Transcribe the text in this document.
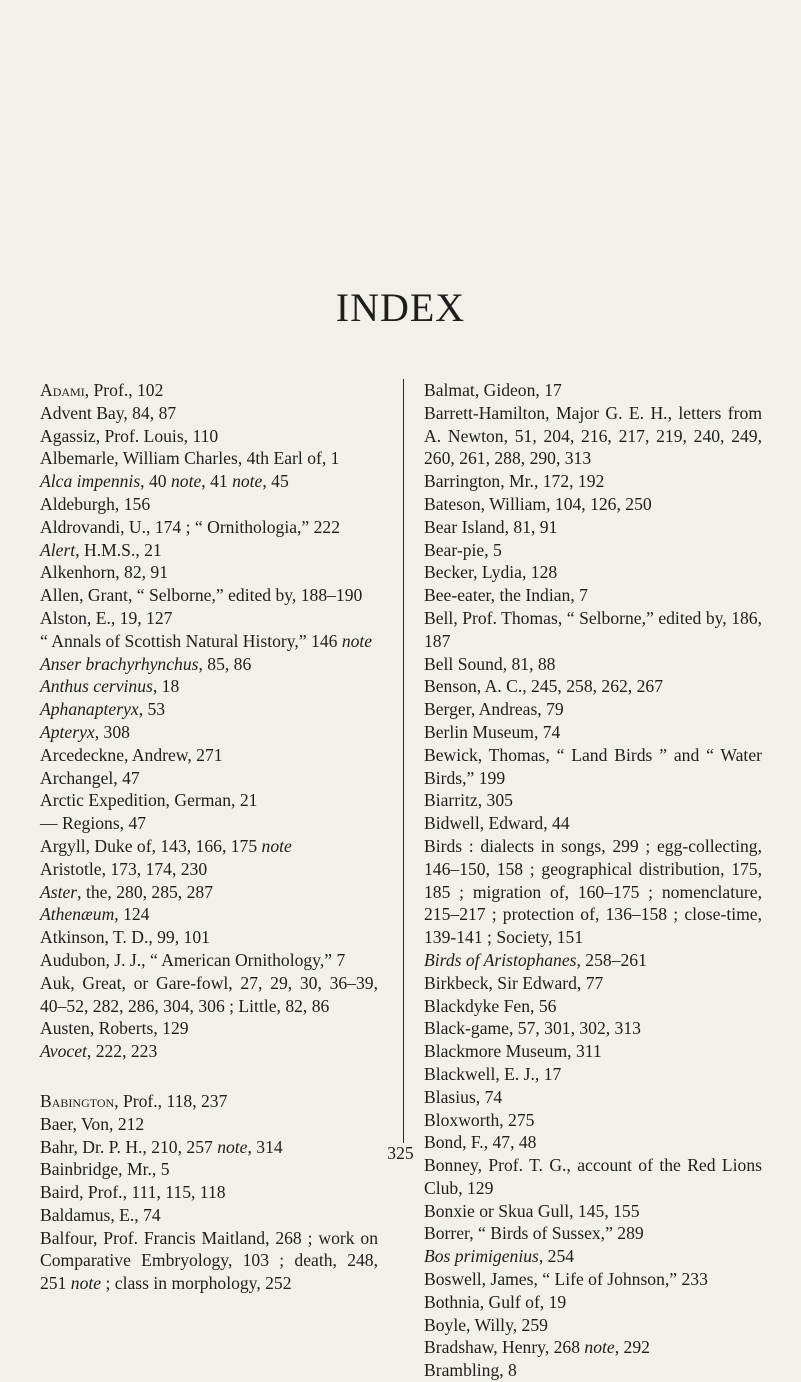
INDEX

Adami, Prof., 102

Advent Bay, 84, 87

Agassiz, Prof. Louis, 110

Albemarle, William Charles, 4th Earl of, 1

Alca impennis, 40 note, 41 note, 45

Aldeburgh, 156

Aldrovandi, U., 174 ; “ Ornithologia,” 222

Alert, H.M.S., 21

Alkenhorn, 82, 91

Allen, Grant, “ Selborne,” edited by, 188–190

Alston, E., 19, 127

“ Annals of Scottish Natural History,” 146 note

Anser brachyrhynchus, 85, 86

Anthus cervinus, 18

Aphanapteryx, 53

Apteryx, 308

Arcedeckne, Andrew, 271

Archangel, 47

Arctic Expedition, German, 21

— Regions, 47

Argyll, Duke of, 143, 166, 175 note

Aristotle, 173, 174, 230

Aster, the, 280, 285, 287

Athenæum, 124

Atkinson, T. D., 99, 101

Audubon, J. J., “ American Ornithology,” 7

Auk, Great, or Gare-fowl, 27, 29, 30, 36–39, 40–52, 282, 286, 304, 306 ; Little, 82, 86

Austen, Roberts, 129

Avocet, 222, 223

Babington, Prof., 118, 237

Baer, Von, 212

Bahr, Dr. P. H., 210, 257 note, 314

Bainbridge, Mr., 5

Baird, Prof., 111, 115, 118

Baldamus, E., 74

Balfour, Prof. Francis Maitland, 268 ; work on Comparative Embryology, 103 ; death, 248, 251 note ; class in morphology, 252

Balmat, Gideon, 17

Barrett-Hamilton, Major G. E. H., letters from A. Newton, 51, 204, 216, 217, 219, 240, 249, 260, 261, 288, 290, 313

Barrington, Mr., 172, 192

Bateson, William, 104, 126, 250

Bear Island, 81, 91

Bear-pie, 5

Becker, Lydia, 128

Bee-eater, the Indian, 7

Bell, Prof. Thomas, “ Selborne,” edited by, 186, 187

Bell Sound, 81, 88

Benson, A. C., 245, 258, 262, 267

Berger, Andreas, 79

Berlin Museum, 74

Bewick, Thomas, “ Land Birds ” and “ Water Birds,” 199

Biarritz, 305

Bidwell, Edward, 44

Birds : dialects in songs, 299 ; egg-collecting, 146–150, 158 ; geographical distribution, 175, 185 ; migration of, 160–175 ; nomenclature, 215–217 ; protection of, 136–158 ; close-time, 139-141 ; Society, 151

Birds of Aristophanes, 258–261

Birkbeck, Sir Edward, 77

Blackdyke Fen, 56

Black-game, 57, 301, 302, 313

Blackmore Museum, 311

Blackwell, E. J., 17

Blasius, 74

Bloxworth, 275

Bond, F., 47, 48

Bonney, Prof. T. G., account of the Red Lions Club, 129

Bonxie or Skua Gull, 145, 155

Borrer, “ Birds of Sussex,” 289

Bos primigenius, 254

Boswell, James, “ Life of Johnson,” 233

Bothnia, Gulf of, 19

Boyle, Willy, 259

Bradshaw, Henry, 268 note, 292

Brambling, 8

325
